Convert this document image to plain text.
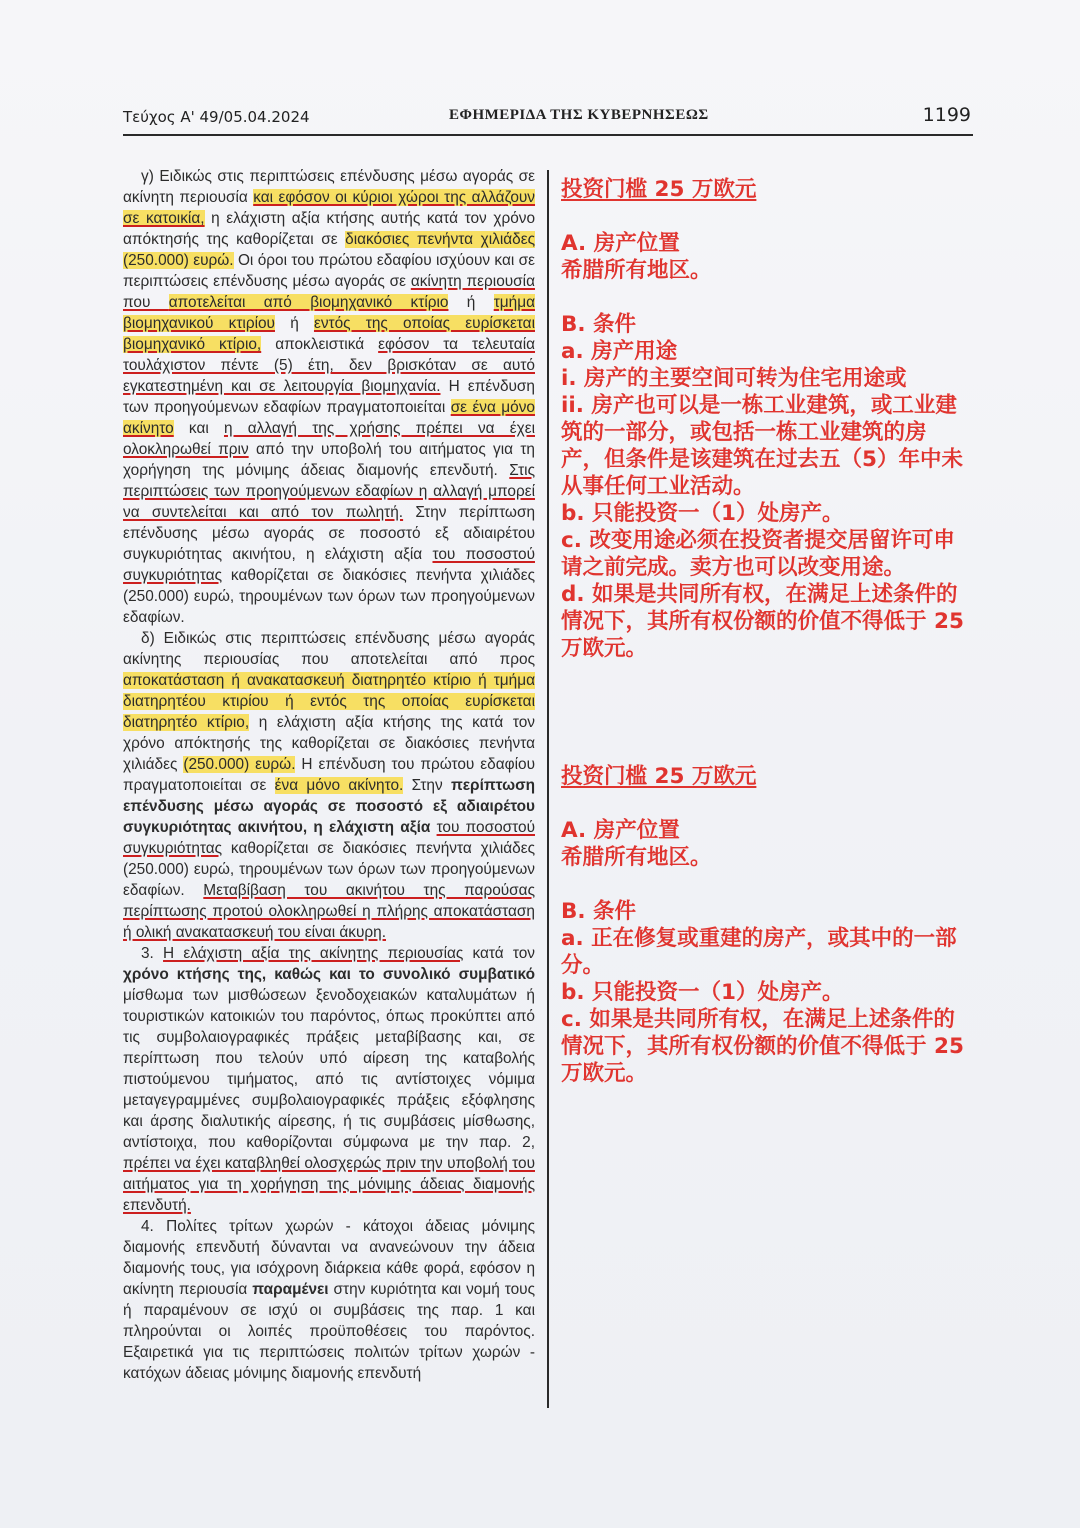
Τεύχος Α' 49/05.04.2024	ΕΦΗΜΕΡΙΔΑ ΤΗΣ ΚΥΒΕΡΝΗΣΕΩΣ	1199

γ) Ειδικώς στις περιπτώσεις επένδυσης μέσω αγοράς σε ακίνητη περιουσία και εφόσον οι κύριοι χώροι της αλλάζουν σε κατοικία, η ελάχιστη αξία κτήσης αυτής κατά τον χρόνο απόκτησής της καθορίζεται σε διακόσιες πενήντα χιλιάδες (250.000) ευρώ. Οι όροι του πρώτου εδαφίου ισχύουν και σε περιπτώσεις επένδυσης μέσω αγοράς σε ακίνητη περιουσία που αποτελείται από βιομηχανικό κτίριο ή τμήμα βιομηχανικού κτιρίου ή εντός της οποίας ευρίσκεται βιομηχανικό κτίριο, αποκλειστικά εφόσον τα τελευταία τουλάχιστον πέντε (5) έτη, δεν βρισκόταν σε αυτό εγκατεστημένη και σε λειτουργία βιομηχανία. Η επένδυση των προηγούμενων εδαφίων πραγματοποιείται σε ένα μόνο ακίνητο και η αλλαγή της χρήσης πρέπει να έχει ολοκληρωθεί πριν από την υποβολή του αιτήματος για τη χορήγηση της μόνιμης άδειας διαμονής επενδυτή. Στις περιπτώσεις των προηγούμενων εδαφίων η αλλαγή μπορεί να συντελείται και από τον πωλητή. Στην περίπτωση επένδυσης μέσω αγοράς σε ποσοστό εξ αδιαιρέτου συγκυριότητας ακινήτου, η ελάχιστη αξία του ποσοστού συγκυριότητας καθορίζεται σε διακόσιες πενήντα χιλιάδες (250.000) ευρώ, τηρουμένων των όρων των προηγούμενων εδαφίων.

δ) Ειδικώς στις περιπτώσεις επένδυσης μέσω αγοράς ακίνητης περιουσίας που αποτελείται από προς αποκατάσταση ή ανακατασκευή διατηρητέο κτίριο ή τμήμα διατηρητέου κτιρίου ή εντός της οποίας ευρίσκεται διατηρητέο κτίριο, η ελάχιστη αξία κτήσης της κατά τον χρόνο απόκτησής της καθορίζεται σε διακόσιες πενήντα χιλιάδες (250.000) ευρώ. Η επένδυση του πρώτου εδαφίου πραγματοποιείται σε ένα μόνο ακίνητο. Στην περίπτωση επένδυσης μέσω αγοράς σε ποσοστό εξ αδιαιρέτου συγκυριότητας ακινήτου, η ελάχιστη αξία του ποσοστού συγκυριότητας καθορίζεται σε διακόσιες πενήντα χιλιάδες (250.000) ευρώ, τηρουμένων των όρων των προηγούμενων εδαφίων. Μεταβίβαση του ακινήτου της παρούσας περίπτωσης προτού ολοκληρωθεί η πλήρης αποκατάσταση ή ολική ανακατασκευή του είναι άκυρη.

3. Η ελάχιστη αξία της ακίνητης περιουσίας κατά τον χρόνο κτήσης της, καθώς και το συνολικό συμβατικό μίσθωμα των μισθώσεων ξενοδοχειακών καταλυμάτων ή τουριστικών κατοικιών του παρόντος, όπως προκύπτει από τις συμβολαιογραφικές πράξεις μεταβίβασης και, σε περίπτωση που τελούν υπό αίρεση της καταβολής πιστούμενου τιμήματος, από τις αντίστοιχες νόμιμα μεταγεγραμμένες συμβολαιογραφικές πράξεις εξόφλησης και άρσης διαλυτικής αίρεσης, ή τις συμβάσεις μίσθωσης, αντίστοιχα, που καθορίζονται σύμφωνα με την παρ. 2, πρέπει να έχει καταβληθεί ολοσχερώς πριν την υποβολή του αιτήματος για τη χορήγηση της μόνιμης άδειας διαμονής επενδυτή.

4. Πολίτες τρίτων χωρών - κάτοχοι άδειας μόνιμης διαμονής επενδυτή δύνανται να ανανεώνουν την άδεια διαμονής τους, για ισόχρονη διάρκεια κάθε φορά, εφόσον η ακίνητη περιουσία παραμένει στην κυριότητα και νομή τους ή παραμένουν σε ισχύ οι συμβάσεις της παρ. 1 και πληρούνται οι λοιπές προϋποθέσεις του παρόντος. Εξαιρετικά για τις περιπτώσεις πολιτών τρίτων χωρών - κατόχων άδειας μόνιμης διαμονής επενδυτή

投资门槛 25 万欧元
A. 房产位置
希腊所有地区。
B. 条件
a. 房产用途
i. 房产的主要空间可转为住宅用途或
ii. 房产也可以是一栋工业建筑，或工业建筑的一部分，或包括一栋工业建筑的房产，但条件是该建筑在过去五（5）年中未从事任何工业活动。
b. 只能投资一（1）处房产。
c. 改变用途必须在投资者提交居留许可申请之前完成。卖方也可以改变用途。
d. 如果是共同所有权，在满足上述条件的情况下，其所有权份额的价值不得低于 25 万欧元。
投资门槛 25 万欧元
A. 房产位置
希腊所有地区。
B. 条件
a. 正在修复或重建的房产，或其中的一部分。
b. 只能投资一（1）处房产。
c. 如果是共同所有权，在满足上述条件的情况下，其所有权份额的价值不得低于 25 万欧元。
